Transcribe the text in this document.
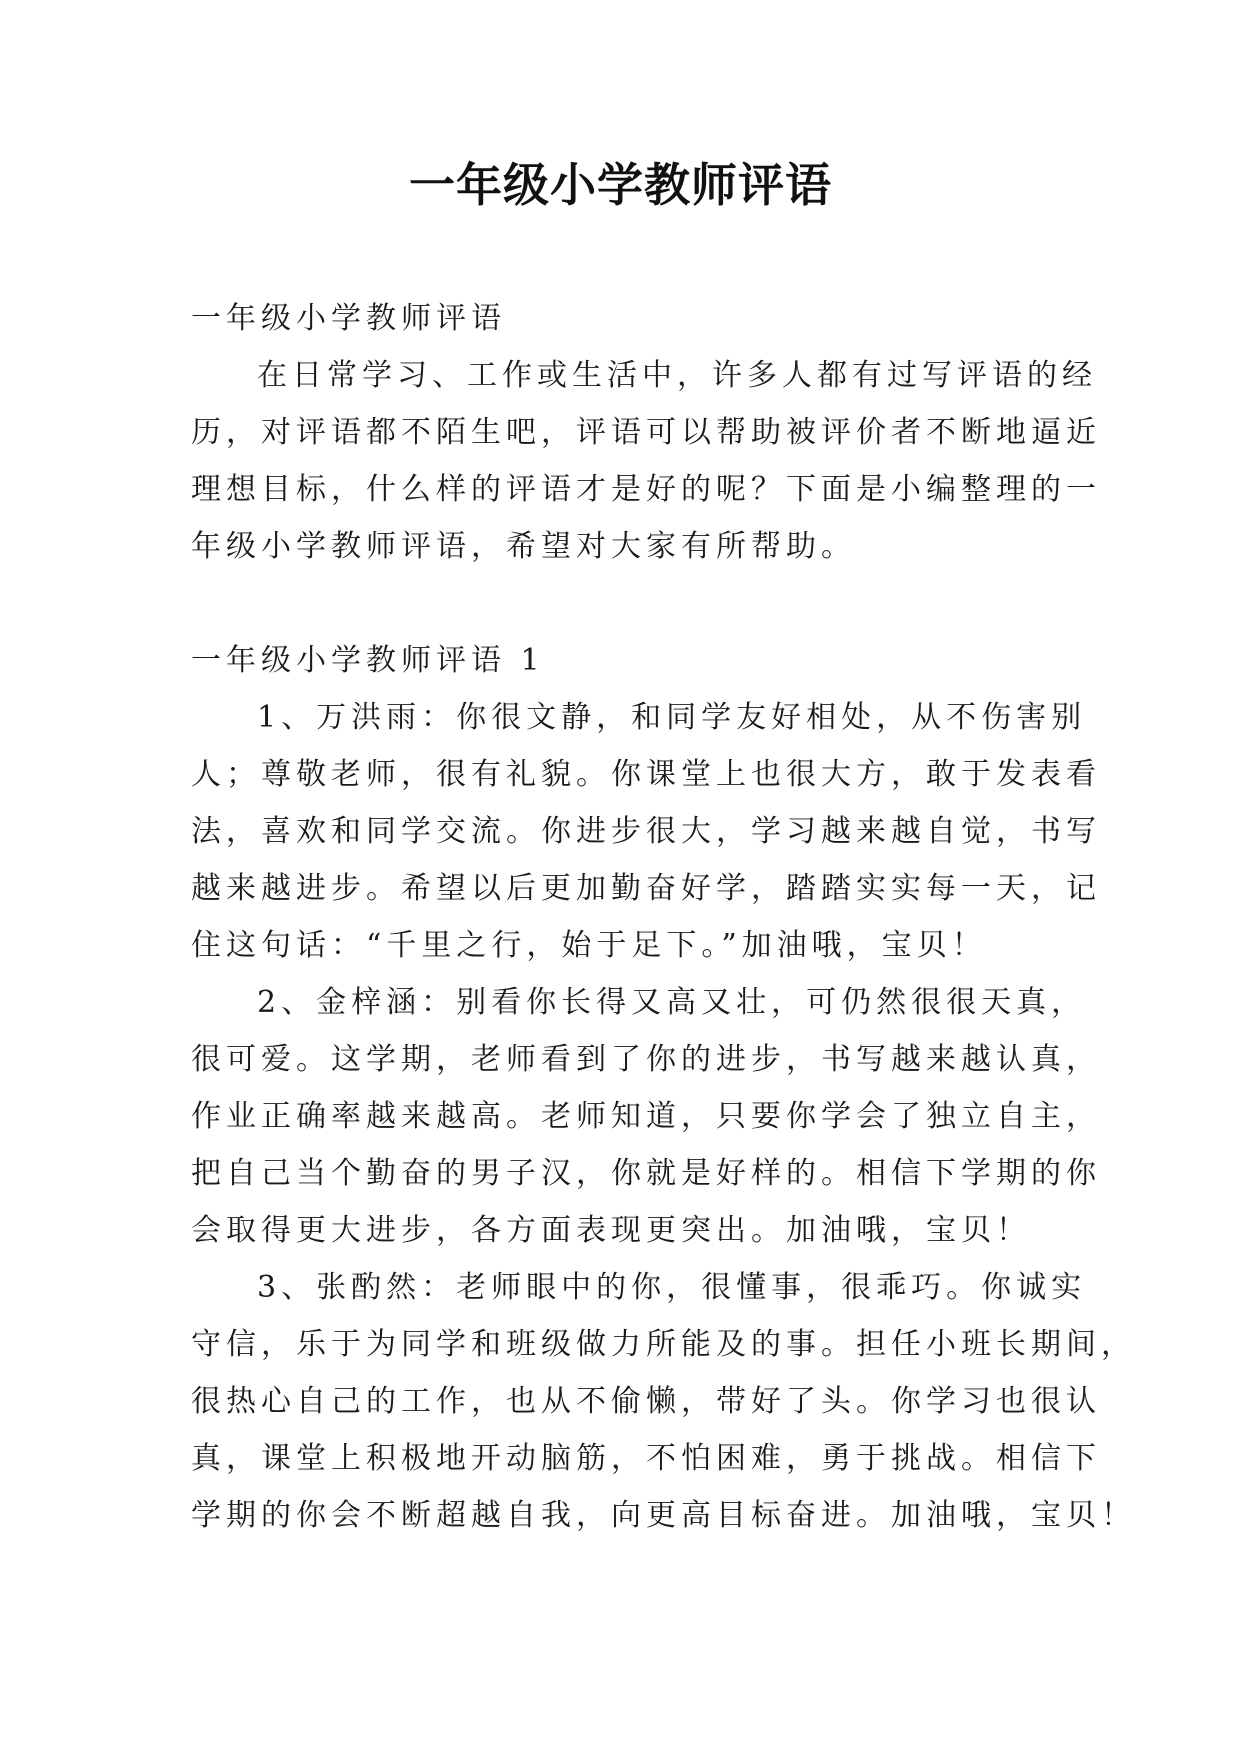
一年级小学教师评语
一年级小学教师评语
在日常学习、工作或生活中，许多人都有过写评语的经
历，对评语都不陌生吧，评语可以帮助被评价者不断地逼近
理想目标，什么样的评语才是好的呢？下面是小编整理的一
年级小学教师评语，希望对大家有所帮助。
一年级小学教师评语 1
1、万洪雨：你很文静，和同学友好相处，从不伤害别
人；尊敬老师，很有礼貌。你课堂上也很大方，敢于发表看
法，喜欢和同学交流。你进步很大，学习越来越自觉，书写
越来越进步。希望以后更加勤奋好学，踏踏实实每一天，记
住这句话：“千里之行，始于足下。”加油哦，宝贝！
2、金梓涵：别看你长得又高又壮，可仍然很很天真，
很可爱。这学期，老师看到了你的进步，书写越来越认真，
作业正确率越来越高。老师知道，只要你学会了独立自主，
把自己当个勤奋的男子汉，你就是好样的。相信下学期的你
会取得更大进步，各方面表现更突出。加油哦，宝贝！
3、张酌然：老师眼中的你，很懂事，很乖巧。你诚实
守信，乐于为同学和班级做力所能及的事。担任小班长期间，
很热心自己的工作，也从不偷懒，带好了头。你学习也很认
真，课堂上积极地开动脑筋，不怕困难，勇于挑战。相信下
学期的你会不断超越自我，向更高目标奋进。加油哦，宝贝！
